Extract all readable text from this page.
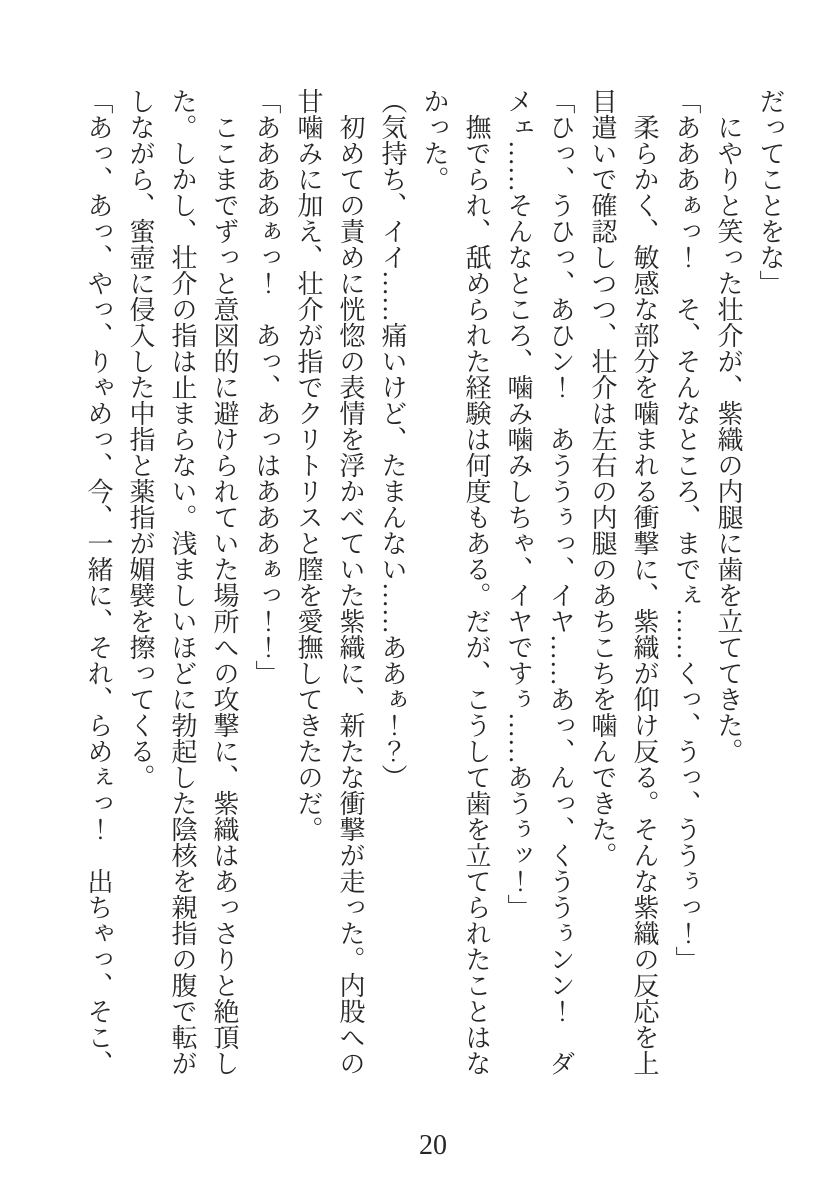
だってことをな」
　にやりと笑った壮介が、紫織の内腿に歯を立ててきた。
「あああぁっ！　そ、そんなところ、までぇ……くっ、うっ、ううぅっ！」
　柔らかく、敏感な部分を噛まれる衝撃に、紫織が仰け反る。そんな紫織の反応を上
目遣いで確認しつつ、壮介は左右の内腿のあちこちを噛んできた。
「ひっ、うひっ、あひン！　あううぅっ、イヤ……あっ、んっ、くううぅンン！　ダ
メェ……そんなところ、噛み噛みしちゃ、イヤですぅ……あうぅッ！」
　撫でられ、舐められた経験は何度もある。だが、こうして歯を立てられたことはな
かった。
（気持ち、イイ……痛いけど、たまんない……ああぁ！？）
　初めての責めに恍惚の表情を浮かべていた紫織に、新たな衝撃が走った。内股への
甘噛みに加え、壮介が指でクリトリスと膣を愛撫してきたのだ。
「ああああぁっ！　あっ、あっはあああぁっ！！」
　ここまでずっと意図的に避けられていた場所への攻撃に、紫織はあっさりと絶頂し
た。しかし、壮介の指は止まらない。浅ましいほどに勃起した陰核を親指の腹で転が
しながら、蜜壺に侵入した中指と薬指が媚襞を擦ってくる。
「あっ、あっ、やっ、りゃめっ、今、一緒に、それ、らめぇっ！　出ちゃっ、そこ、
20
